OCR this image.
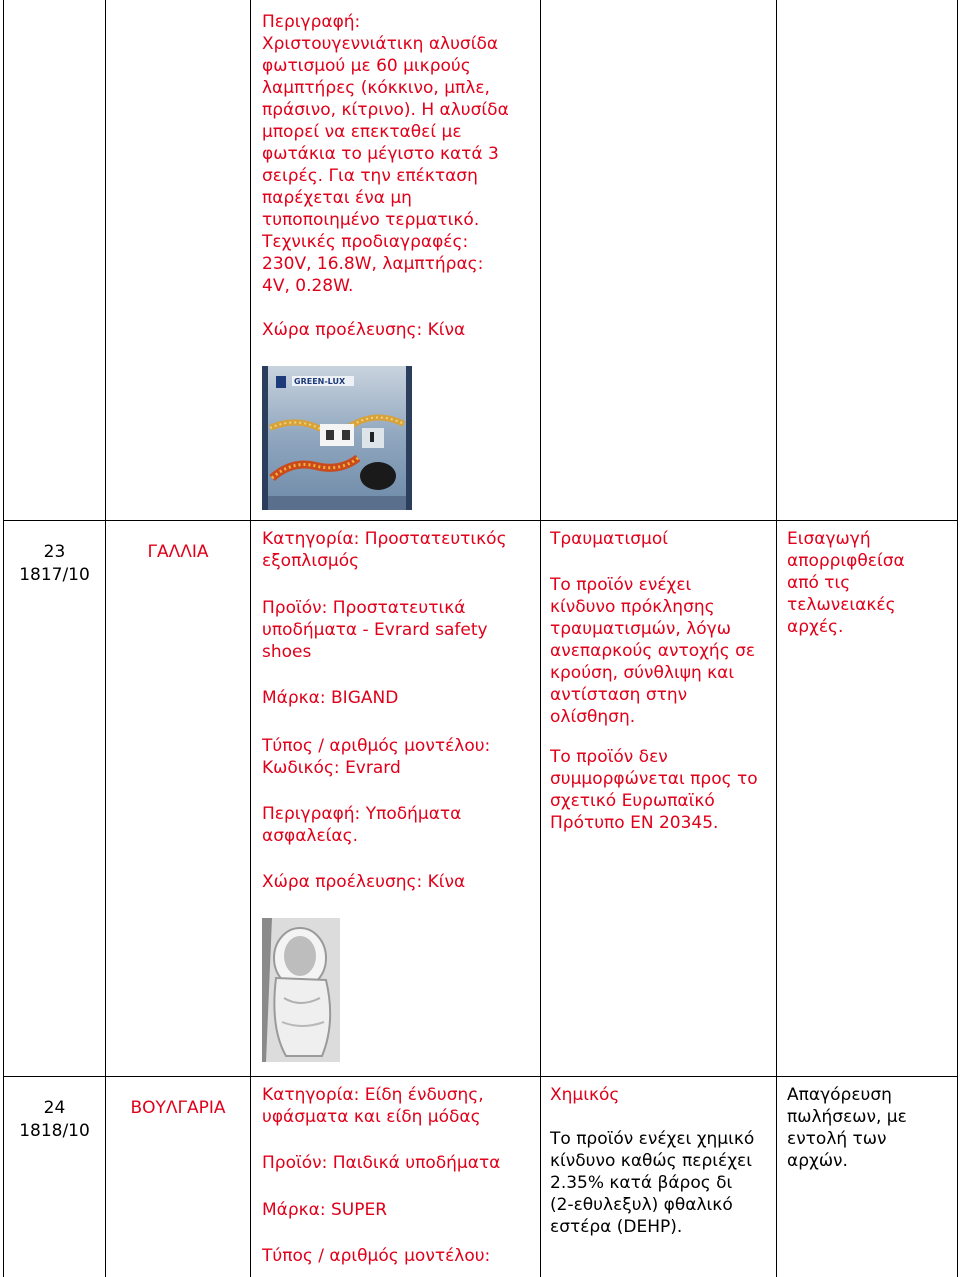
Περιγραφή:
Χριστουγεννιάτικη αλυσίδα
φωτισμού με 60 μικρούς
λαμπτήρες (κόκκινο, μπλε,
πράσινο, κίτρινο). Η αλυσίδα
μπορεί να επεκταθεί με
φωτάκια το μέγιστο κατά 3
σειρές. Για την επέκταση
παρέχεται ένα μη
τυποποιημένο τερματικό.
Τεχνικές προδιαγραφές:
230V, 16.8W, λαμπτήρας:
4V, 0.28W.
Χώρα προέλευσης: Κίνα
GREEN-LUX
23
1817/10
ΓΑΛΛΙΑ
Κατηγορία: Προστατευτικός
εξοπλισμός
Προϊόν: Προστατευτικά
υποδήματα - Evrard safety
shoes
Μάρκα: BIGAND
Τύπος / αριθμός μοντέλου:
Κωδικός: Evrard
Περιγραφή: Υποδήματα
ασφαλείας.
Χώρα προέλευσης: Κίνα
Τραυματισμοί
Το προϊόν ενέχει
κίνδυνο πρόκλησης
τραυματισμών, λόγω
ανεπαρκούς αντοχής σε
κρούση, σύνθλιψη και
αντίσταση στην
ολίσθηση.
Το προϊόν δεν
συμμορφώνεται προς το
σχετικό Ευρωπαϊκό
Πρότυπο EN 20345.
Εισαγωγή
απορριφθείσα
από τις
τελωνειακές
αρχές.
24
1818/10
ΒΟΥΛΓΑΡΙΑ
Κατηγορία: Είδη ένδυσης,
υφάσματα και είδη μόδας
Προϊόν: Παιδικά υποδήματα
Μάρκα: SUPER
Τύπος / αριθμός μοντέλου:
Χημικός
Το προϊόν ενέχει χημικό
κίνδυνο καθώς περιέχει
2.35% κατά βάρος δι
(2-εθυλεξυλ) φθαλικό
εστέρα (DEHP).
Απαγόρευση
πωλήσεων, με
εντολή των
αρχών.
